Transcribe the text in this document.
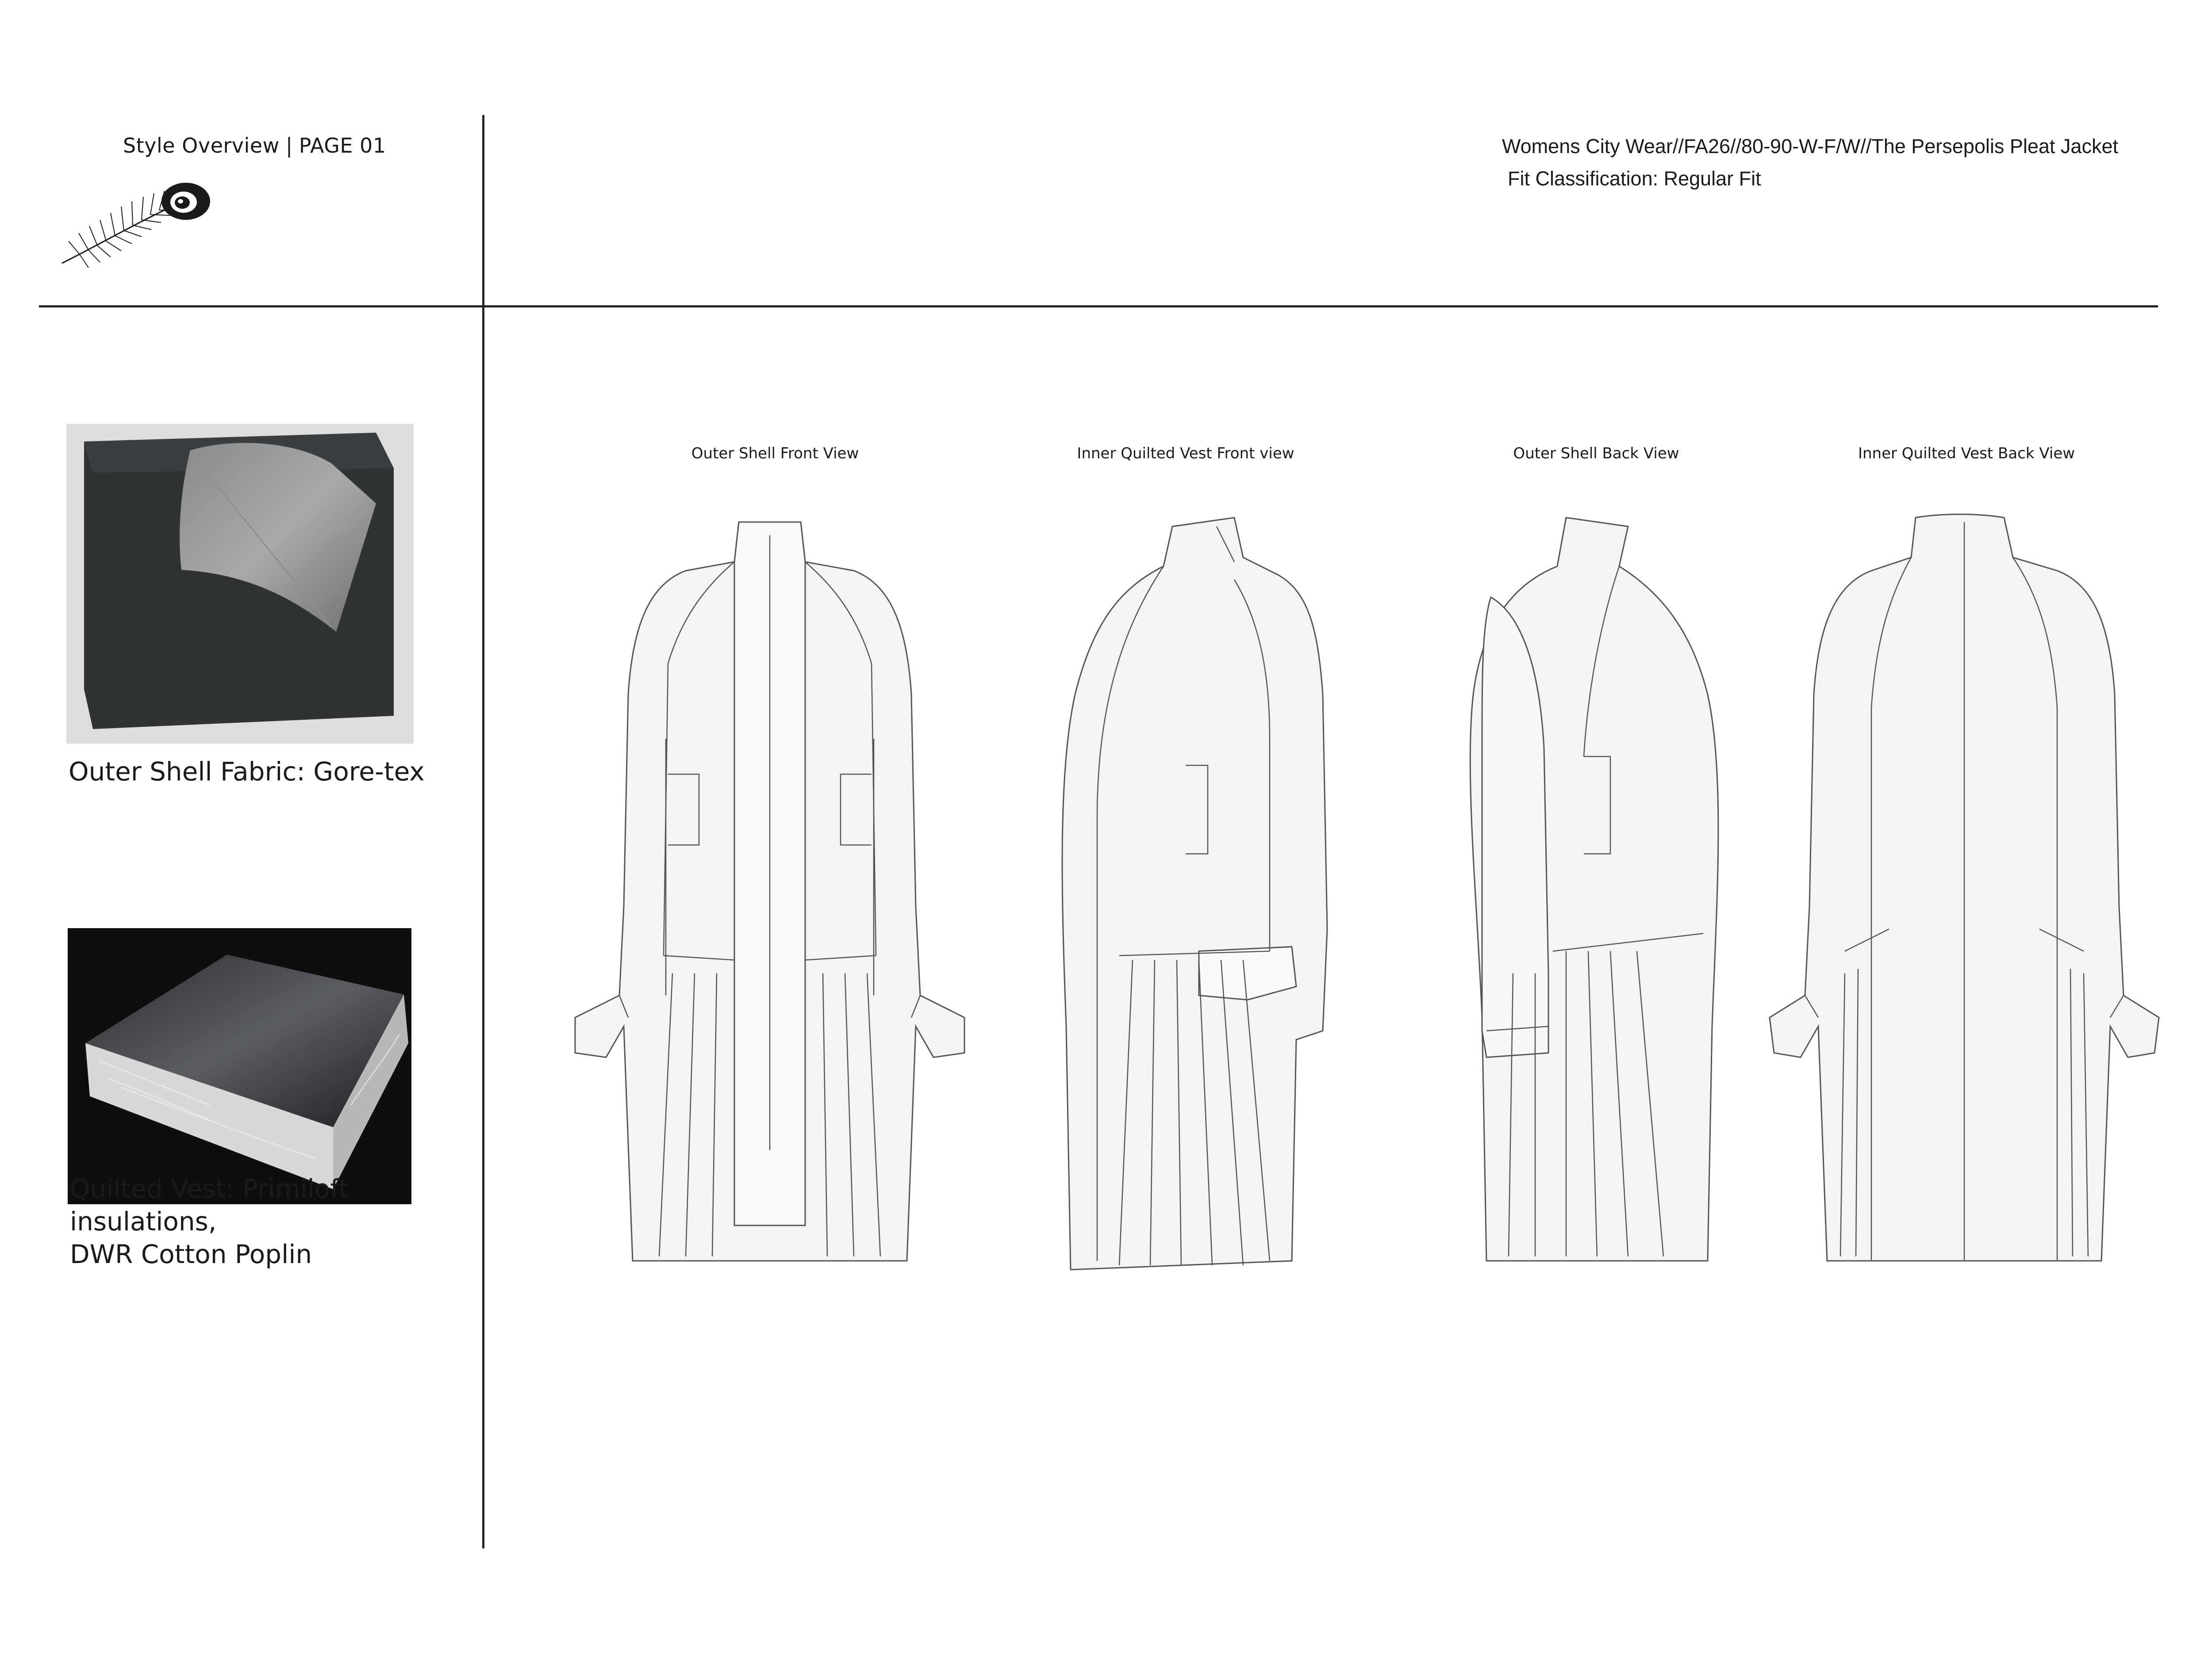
Style Overview | PAGE 01	Womens City Wear//FA26//80-90-W-F/W//The Persepolis Pleat Jacket
Fit Classification: Regular Fit
Outer Shell Fabric: Gore-tex
Quilted Vest: Primiloft insulations,
DWR Cotton Poplin
Outer Shell Front View	Inner Quilted Vest Front view	Outer Shell Back View	Inner Quilted Vest Back View
